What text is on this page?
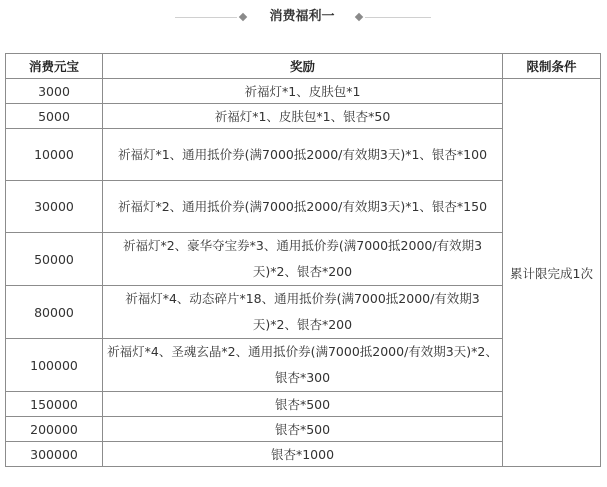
消费福利一
消费元宝	奖励	限制条件
3000	祈福灯*1、皮肤包*1	累计限完成1次
5000	祈福灯*1、皮肤包*1、银杏*50	
10000	祈福灯*1、通用抵价券(满7000抵2000/有效期3天)*1、银杏*100	
30000	祈福灯*2、通用抵价券(满7000抵2000/有效期3天)*1、银杏*150	
50000	祈福灯*2、豪华夺宝券*3、通用抵价券(满7000抵2000/有效期3天)*2、银杏*200	
80000	祈福灯*4、动态碎片*18、通用抵价券(满7000抵2000/有效期3天)*2、银杏*200	
100000	祈福灯*4、圣魂玄晶*2、通用抵价券(满7000抵2000/有效期3天)*2、银杏*300	
150000	银杏*500	
200000	银杏*500	
300000	银杏*1000	
